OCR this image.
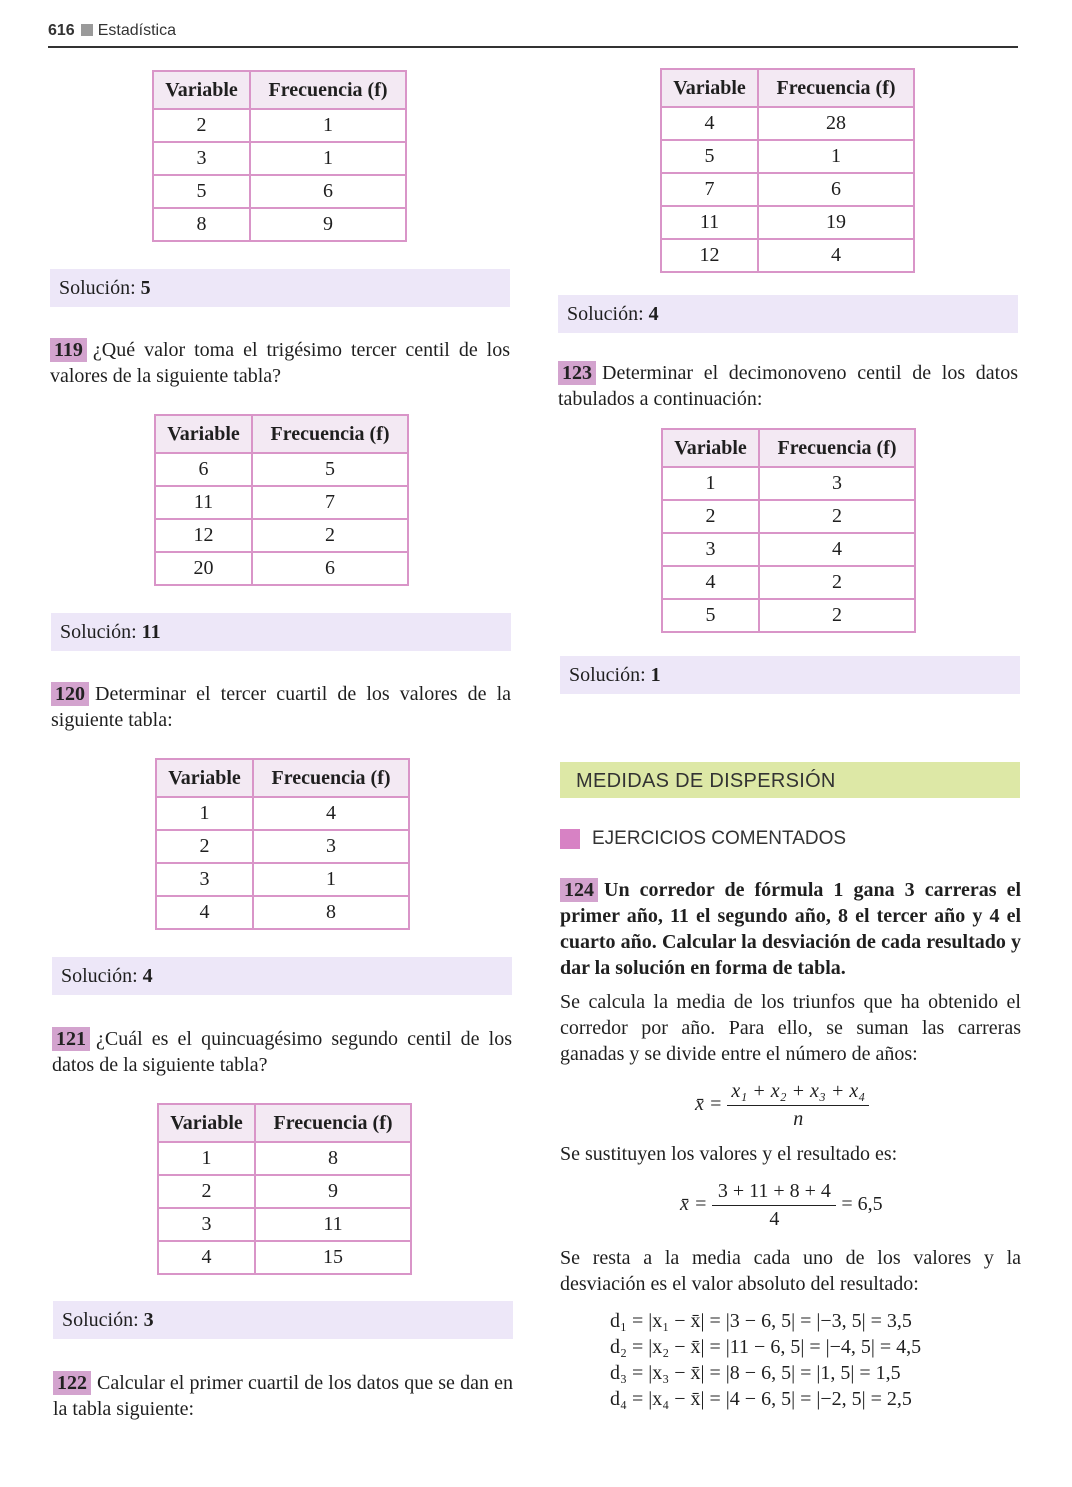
616 Estadística
Variable	Frecuencia (f)
2	1
3	1
5	6
8	9
Solución: 5
119 ¿Qué valor toma el trigésimo tercer centil de los valores de la siguiente tabla?
Variable	Frecuencia (f)
6	5
11	7
12	2
20	6
Solución: 11
120 Determinar el tercer cuartil de los valores de la siguiente tabla:
Variable	Frecuencia (f)
1	4
2	3
3	1
4	8
Solución: 4
121 ¿Cuál es el quincuagésimo segundo centil de los datos de la siguiente tabla?
Variable	Frecuencia (f)
1	8
2	9
3	11
4	15
Solución: 3
122 Calcular el primer cuartil de los datos que se dan en la tabla siguiente:
Variable	Frecuencia (f)
4	28
5	1
7	6
11	19
12	4
Solución: 4
123 Determinar el decimonoveno centil de los datos tabulados a continuación:
Variable	Frecuencia (f)
1	3
2	2
3	4
4	2
5	2
Solución: 1
MEDIDAS DE DISPERSIÓN
EJERCICIOS COMENTADOS
124 Un corredor de fórmula 1 gana 3 carreras el primer año, 11 el segundo año, 8 el tercer año y 4 el cuarto año. Calcular la desviación de cada resultado y dar la solución en forma de tabla.
Se calcula la media de los triunfos que ha obtenido el corredor por año. Para ello, se suman las carreras ganadas y se divide entre el número de años:
x̄ = $\frac{\text{x₁ + x₂ + x₃ + x₄}}{n}$
Se sustituyen los valores y el resultado es:
x̄ = $\frac{3 + 11 + 8 + 4}{4} = 6,5$
Se resta a la media cada uno de los valores y la desviación es el valor absoluto del resultado:
d₁ = |x₁ − x̄| = |3 − 6, 5| = |−3, 5| = 3,5
d₂ = |x₂ − x̄| = |11 − 6, 5| = |−4, 5| = 4,5
d₃ = |x₃ − x̄| = |8 − 6, 5| = |1, 5| = 1,5
d₄ = |x₄ − x̄| = |4 − 6, 5| = |−2, 5| = 2,5
